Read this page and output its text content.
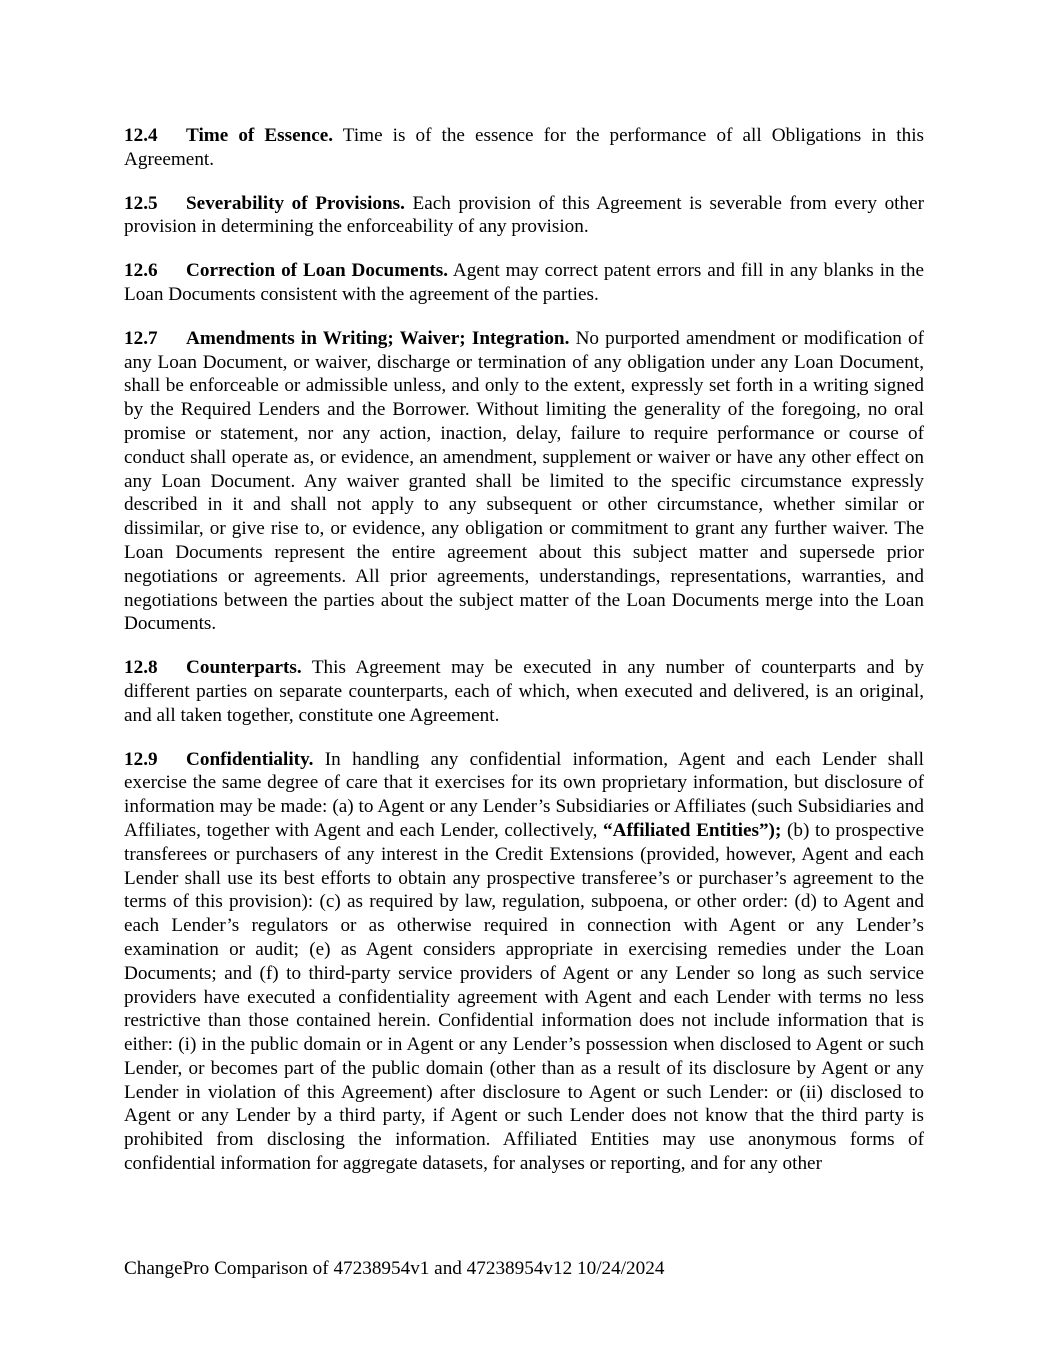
12.4 Time of Essence. Time is of the essence for the performance of all Obligations in this Agreement.

12.5 Severability of Provisions. Each provision of this Agreement is severable from every other provision in determining the enforceability of any provision.

12.6 Correction of Loan Documents. Agent may correct patent errors and fill in any blanks in the Loan Documents consistent with the agreement of the parties.

12.7 Amendments in Writing; Waiver; Integration. No purported amendment or modification of any Loan Document, or waiver, discharge or termination of any obligation under any Loan Document, shall be enforceable or admissible unless, and only to the extent, expressly set forth in a writing signed by the Required Lenders and the Borrower. Without limiting the generality of the foregoing, no oral promise or statement, nor any action, inaction, delay, failure to require performance or course of conduct shall operate as, or evidence, an amendment, supplement or waiver or have any other effect on any Loan Document. Any waiver granted shall be limited to the specific circumstance expressly described in it and shall not apply to any subsequent or other circumstance, whether similar or dissimilar, or give rise to, or evidence, any obligation or commitment to grant any further waiver. The Loan Documents represent the entire agreement about this subject matter and supersede prior negotiations or agreements. All prior agreements, understandings, representations, warranties, and negotiations between the parties about the subject matter of the Loan Documents merge into the Loan Documents.

12.8 Counterparts. This Agreement may be executed in any number of counterparts and by different parties on separate counterparts, each of which, when executed and delivered, is an original, and all taken together, constitute one Agreement.

12.9 Confidentiality. In handling any confidential information, Agent and each Lender shall exercise the same degree of care that it exercises for its own proprietary information, but disclosure of information may be made: (a) to Agent or any Lender’s Subsidiaries or Affiliates (such Subsidiaries and Affiliates, together with Agent and each Lender, collectively, “Affiliated Entities”); (b) to prospective transferees or purchasers of any interest in the Credit Extensions (provided, however, Agent and each Lender shall use its best efforts to obtain any prospective transferee’s or purchaser’s agreement to the terms of this provision): (c) as required by law, regulation, subpoena, or other order: (d) to Agent and each Lender’s regulators or as otherwise required in connection with Agent or any Lender’s examination or audit; (e) as Agent considers appropriate in exercising remedies under the Loan Documents; and (f) to third-party service providers of Agent or any Lender so long as such service providers have executed a confidentiality agreement with Agent and each Lender with terms no less restrictive than those contained herein. Confidential information does not include information that is either: (i) in the public domain or in Agent or any Lender’s possession when disclosed to Agent or such Lender, or becomes part of the public domain (other than as a result of its disclosure by Agent or any Lender in violation of this Agreement) after disclosure to Agent or such Lender: or (ii) disclosed to Agent or any Lender by a third party, if Agent or such Lender does not know that the third party is prohibited from disclosing the information. Affiliated Entities may use anonymous forms of confidential information for aggregate datasets, for analyses or reporting, and for any other

ChangePro Comparison of 47238954v1 and 47238954v12 10/24/2024
